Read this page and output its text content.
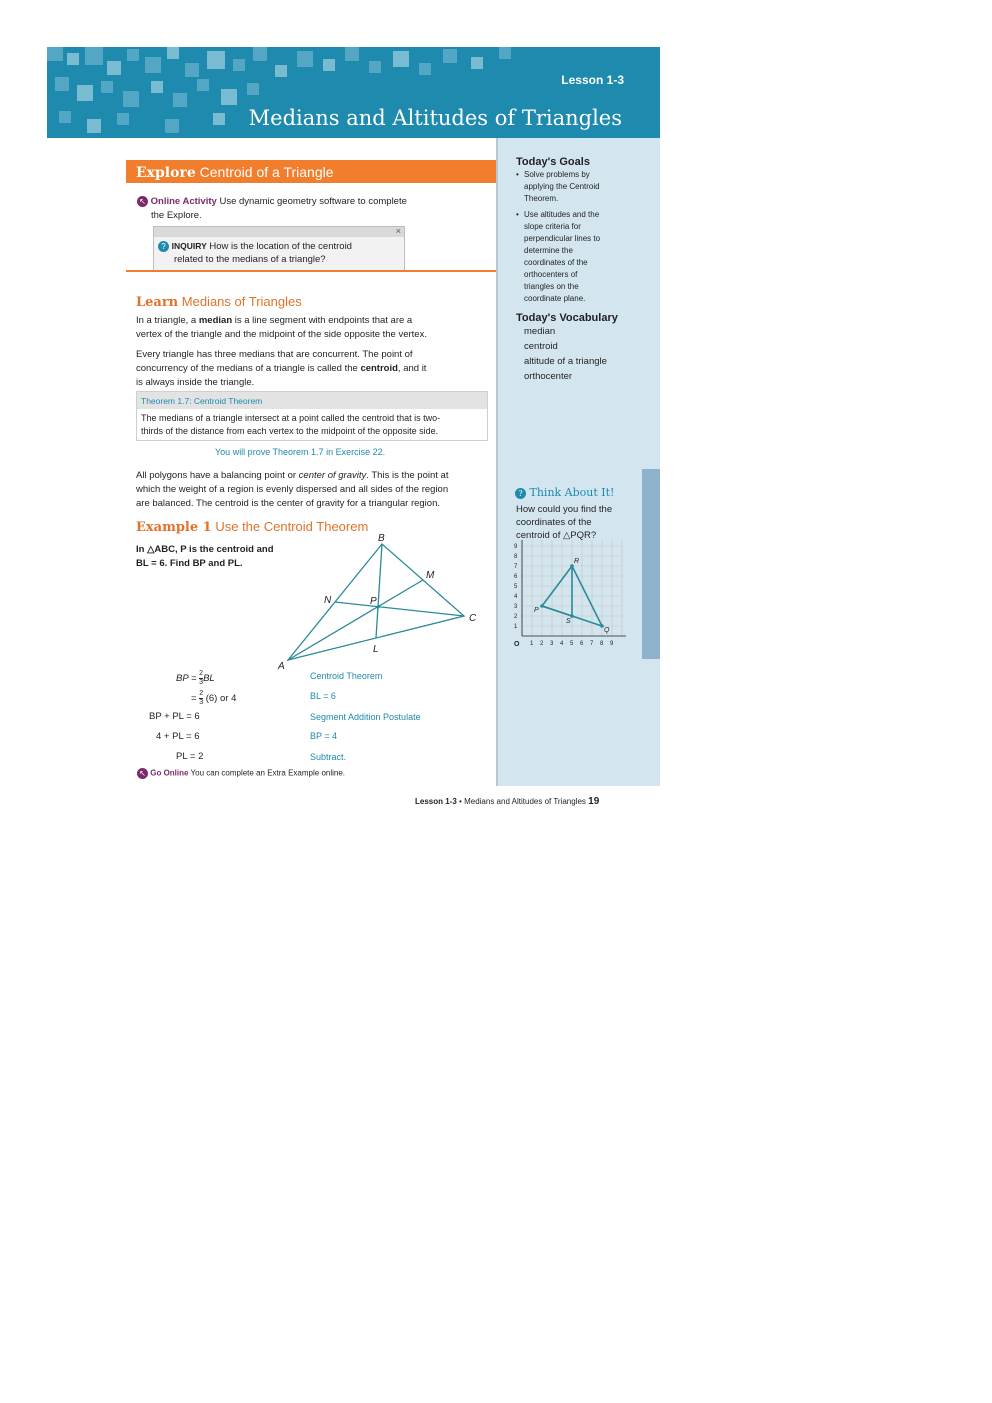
Lesson 1-3
Medians and Altitudes of Triangles
Today's Goals
• Solve problems by
applying the Centroid
Theorem.
• Use altitudes and the
slope criteria for
perpendicular lines to
determine the
coordinates of the
orthocenters of
triangles on the
coordinate plane.
Today's Vocabulary
median
centroid
altitude of a triangle
orthocenter
? Think About It!
How could you find the
coordinates of the
centroid of △PQR?
1 2 3 4 5 6 7 8 9
1
2
3
4
5
6
7
8
9
O
P
Q
R
S
Explore Centroid of a Triangle
↖ Online Activity Use dynamic geometry software to complete
the Explore.
×
? INQUIRY How is the location of the centroid
related to the medians of a triangle?
Learn Medians of Triangles
In a triangle, a median is a line segment with endpoints that are a
vertex of the triangle and the midpoint of the side opposite the vertex.
Every triangle has three medians that are concurrent. The point of
concurrency of the medians of a triangle is called the centroid, and it
is always inside the triangle.
Theorem 1.7: Centroid Theorem
The medians of a triangle intersect at a point called the centroid that is two-
thirds of the distance from each vertex to the midpoint of the opposite side.
You will prove Theorem 1.7 in Exercise 22.
All polygons have a balancing point or center of gravity. This is the point at
which the weight of a region is evenly dispersed and all sides of the region
are balanced. The centroid is the center of gravity for a triangular region.
Example 1 Use the Centroid Theorem
In △ABC, P is the centroid and
BL = 6. Find BP and PL.
B
A
C
M
N	P
L
BP = $\frac{2}{3}$ BL	Centroid Theorem
= $\frac{2}{3} (6)$ or 4	BL = 6
BP + PL = 6	Segment Addition Postulate
4 + PL = 6	BP = 4
PL = 2	Subtract.
↖ Go Online You can complete an Extra Example online.
Lesson 1-3 • Medians and Altitudes of Triangles 19
